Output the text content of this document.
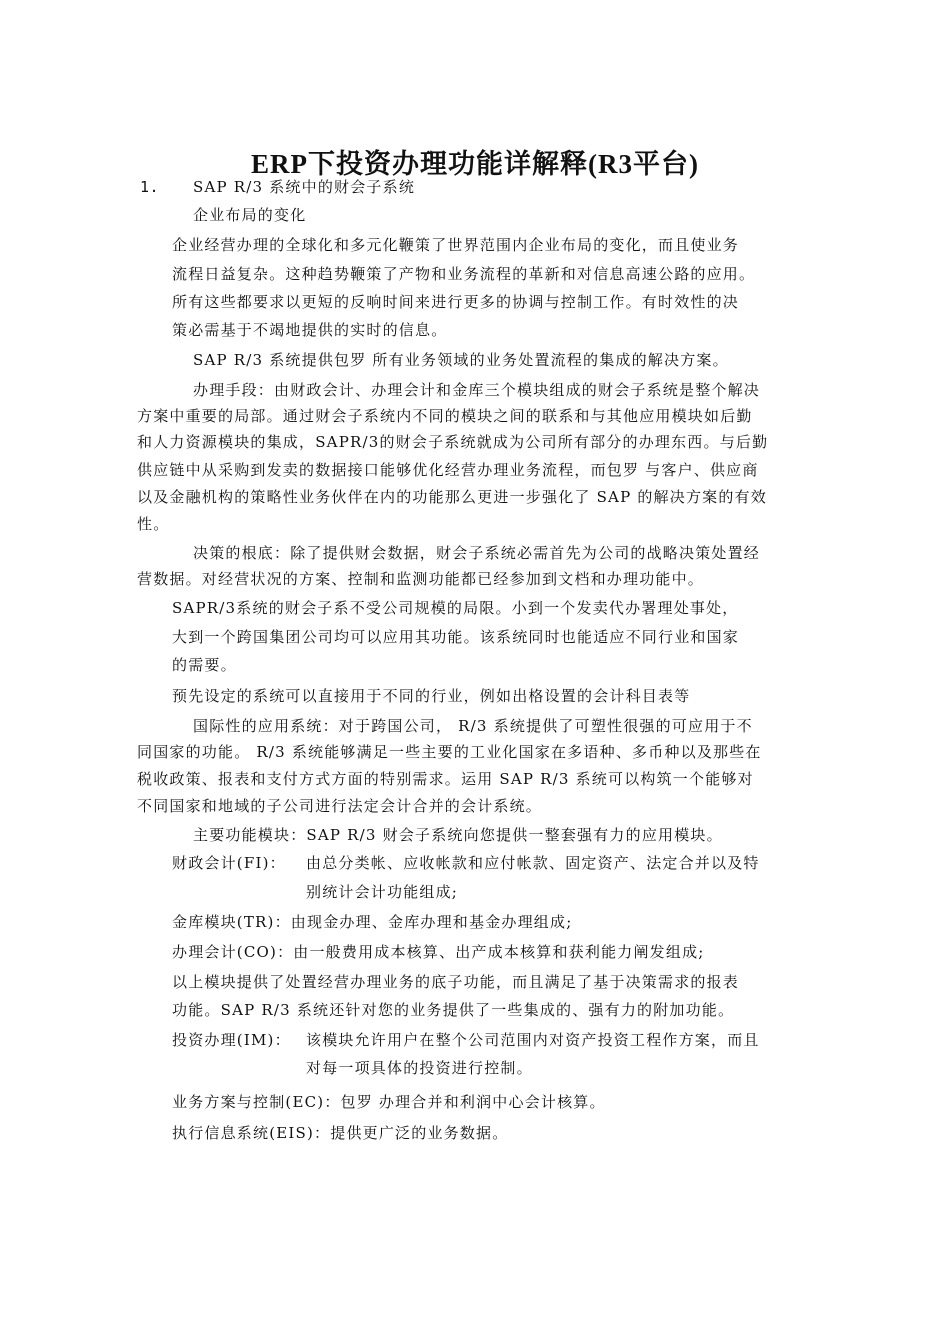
ERP下投资办理功能详解释(R3平台)
1. SAP R/3 系统中的财会子系统
企业布局的变化
企业经营办理的全球化和多元化鞭策了世界范围内企业布局的变化，而且使业务
流程日益复杂。这种趋势鞭策了产物和业务流程的革新和对信息高速公路的应用。
所有这些都要求以更短的反响时间来进行更多的协调与控制工作。有时效性的决
策必需基于不竭地提供的实时的信息。
SAP R/3 系统提供包罗 所有业务领域的业务处置流程的集成的解决方案。
办理手段：由财政会计、办理会计和金库三个模块组成的财会子系统是整个解决
方案中重要的局部。通过财会子系统内不同的模块之间的联系和与其他应用模块如后勤
和人力资源模块的集成，SAPR/3的财会子系统就成为公司所有部分的办理东西。与后勤
供应链中从采购到发卖的数据接口能够优化经营办理业务流程，而包罗 与客户、供应商
以及金融机构的策略性业务伙伴在内的功能那么更进一步强化了 SAP 的解决方案的有效
性。
决策的根底：除了提供财会数据，财会子系统必需首先为公司的战略决策处置经
营数据。对经营状况的方案、控制和监测功能都已经参加到文档和办理功能中。
SAPR/3系统的财会子系不受公司规模的局限。小到一个发卖代办署理处事处，
大到一个跨国集团公司均可以应用其功能。该系统同时也能适应不同行业和国家
的需要。
预先设定的系统可以直接用于不同的行业，例如出格设置的会计科目表等
国际性的应用系统：对于跨国公司， R/3 系统提供了可塑性很强的可应用于不
同国家的功能。 R/3 系统能够满足一些主要的工业化国家在多语种、多币种以及那些在
税收政策、报表和支付方式方面的特别需求。运用 SAP R/3 系统可以构筑一个能够对
不同国家和地域的子公司进行法定会计合并的会计系统。
主要功能模块：SAP R/3 财会子系统向您提供一整套强有力的应用模块。
财政会计(FI)： 由总分类帐、应收帐款和应付帐款、固定资产、法定合并以及特
别统计会计功能组成;
金库模块(TR)：由现金办理、金库办理和基金办理组成;
办理会计(CO)：由一般费用成本核算、出产成本核算和获利能力阐发组成;
以上模块提供了处置经营办理业务的底子功能，而且满足了基于决策需求的报表
功能。SAP R/3 系统还针对您的业务提供了一些集成的、强有力的附加功能。
投资办理(IM)： 该模块允许用户在整个公司范围内对资产投资工程作方案，而且
对每一项具体的投资进行控制。
业务方案与控制(EC)：包罗 办理合并和利润中心会计核算。
执行信息系统(EIS)：提供更广泛的业务数据。
